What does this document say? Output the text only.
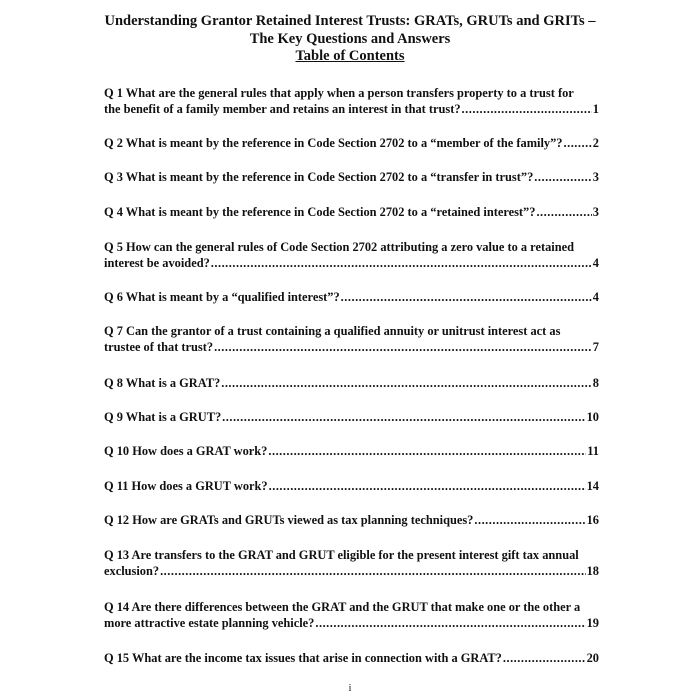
Understanding Grantor Retained Interest Trusts: GRATs, GRUTs and GRITs –
The Key Questions and Answers
Table of Contents
Q 1 What are the general rules that apply when a person transfers property to a trust for
the benefit of a family member and retains an interest in that trust? .....	1
Q 2 What is meant by the reference in Code Section 2702 to a “member of the family”? ..... 2
Q 3 What is meant by the reference in Code Section 2702 to a “transfer in trust”? .....	3
Q 4 What is meant by the reference in Code Section 2702 to a “retained interest”? .....	3
Q 5 How can the general rules of Code Section 2702 attributing a zero value to a retained
interest be avoided? .....	4
Q 6 What is meant by a “qualified interest”? .....	4
Q 7 Can the grantor of a trust containing a qualified annuity or unitrust interest act as
trustee of that trust? .....	7
Q 8 What is a GRAT? .....	8
Q 9 What is a GRUT? .....	10
Q 10 How does a GRAT work? .....	11
Q 11 How does a GRUT work? .....	14
Q 12 How are GRATs and GRUTs viewed as tax planning techniques? .....	16
Q 13 Are transfers to the GRAT and GRUT eligible for the present interest gift tax annual
exclusion? .....	18
Q 14 Are there differences between the GRAT and the GRUT that make one or the other a
more attractive estate planning vehicle? .....	19
Q 15 What are the income tax issues that arise in connection with a GRAT? .....	20
i
